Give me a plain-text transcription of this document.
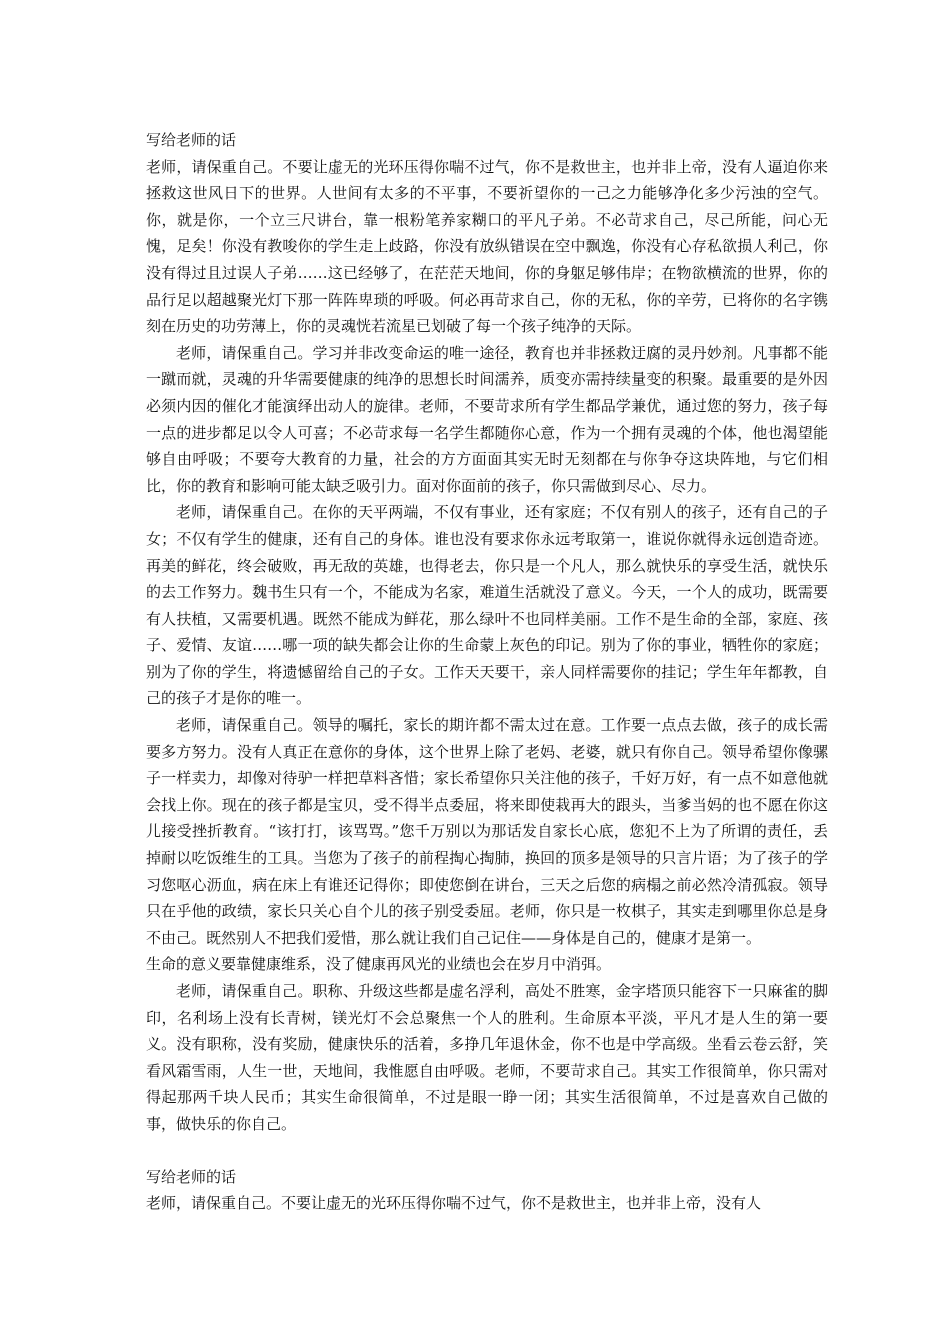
写给老师的话

老师，请保重自己。不要让虚无的光环压得你喘不过气，你不是救世主，也并非上帝，没有人逼迫你来拯救这世风日下的世界。人世间有太多的不平事，不要祈望你的一己之力能够净化多少污浊的空气。你，就是你，一个立三尺讲台，靠一根粉笔养家糊口的平凡子弟。不必苛求自己，尽己所能，问心无愧，足矣！你没有教唆你的学生走上歧路，你没有放纵错误在空中飘逸，你没有心存私欲损人利己，你没有得过且过误人子弟……这已经够了，在茫茫天地间，你的身躯足够伟岸；在物欲横流的世界，你的品行足以超越聚光灯下那一阵阵卑琐的呼吸。何必再苛求自己，你的无私，你的辛劳，已将你的名字镌刻在历史的功劳薄上，你的灵魂恍若流星已划破了每一个孩子纯净的天际。

老师，请保重自己。学习并非改变命运的唯一途径，教育也并非拯救迂腐的灵丹妙剂。凡事都不能一蹴而就，灵魂的升华需要健康的纯净的思想长时间濡养，质变亦需持续量变的积聚。最重要的是外因必须内因的催化才能演绎出动人的旋律。老师，不要苛求所有学生都品学兼优，通过您的努力，孩子每一点的进步都足以令人可喜；不必苛求每一名学生都随你心意，作为一个拥有灵魂的个体，他也渴望能够自由呼吸；不要夸大教育的力量，社会的方方面面其实无时无刻都在与你争夺这块阵地，与它们相比，你的教育和影响可能太缺乏吸引力。面对你面前的孩子，你只需做到尽心、尽力。

老师，请保重自己。在你的天平两端，不仅有事业，还有家庭；不仅有别人的孩子，还有自己的子女；不仅有学生的健康，还有自己的身体。谁也没有要求你永远考取第一，谁说你就得永远创造奇迹。再美的鲜花，终会破败，再无敌的英雄，也得老去，你只是一个凡人，那么就快乐的享受生活，就快乐的去工作努力。魏书生只有一个，不能成为名家，难道生活就没了意义。今天，一个人的成功，既需要有人扶植，又需要机遇。既然不能成为鲜花，那么绿叶不也同样美丽。工作不是生命的全部，家庭、孩子、爱情、友谊……哪一项的缺失都会让你的生命蒙上灰色的印记。别为了你的事业，牺牲你的家庭；别为了你的学生，将遗憾留给自己的子女。工作天天要干，亲人同样需要你的挂记；学生年年都教，自己的孩子才是你的唯一。

老师，请保重自己。领导的嘱托，家长的期许都不需太过在意。工作要一点点去做，孩子的成长需要多方努力。没有人真正在意你的身体，这个世界上除了老妈、老婆，就只有你自己。领导希望你像骡子一样卖力，却像对待驴一样把草料吝惜；家长希望你只关注他的孩子，千好万好，有一点不如意他就会找上你。现在的孩子都是宝贝，受不得半点委屈，将来即使栽再大的跟头，当爹当妈的也不愿在你这儿接受挫折教育。“该打打，该骂骂。”您千万别以为那话发自家长心底，您犯不上为了所谓的责任，丢掉耐以吃饭维生的工具。当您为了孩子的前程掏心掏肺，换回的顶多是领导的只言片语；为了孩子的学习您呕心沥血，病在床上有谁还记得你；即使您倒在讲台，三天之后您的病榻之前必然冷清孤寂。领导只在乎他的政绩，家长只关心自个儿的孩子别受委屈。老师，你只是一枚棋子，其实走到哪里你总是身不由己。既然别人不把我们爱惜，那么就让我们自己记住——身体是自己的，健康才是第一。

生命的意义要靠健康维系，没了健康再风光的业绩也会在岁月中消弭。

老师，请保重自己。职称、升级这些都是虚名浮利，高处不胜寒，金字塔顶只能容下一只麻雀的脚印，名利场上没有长青树，镁光灯不会总聚焦一个人的胜利。生命原本平淡，平凡才是人生的第一要义。没有职称，没有奖励，健康快乐的活着，多挣几年退休金，你不也是中学高级。坐看云卷云舒，笑看风霜雪雨，人生一世，天地间，我惟愿自由呼吸。老师，不要苛求自己。其实工作很简单，你只需对得起那两千块人民币；其实生命很简单，不过是眼一睁一闭；其实生活很简单，不过是喜欢自己做的事，做快乐的你自己。

写给老师的话

老师，请保重自己。不要让虚无的光环压得你喘不过气，你不是救世主，也并非上帝，没有人
